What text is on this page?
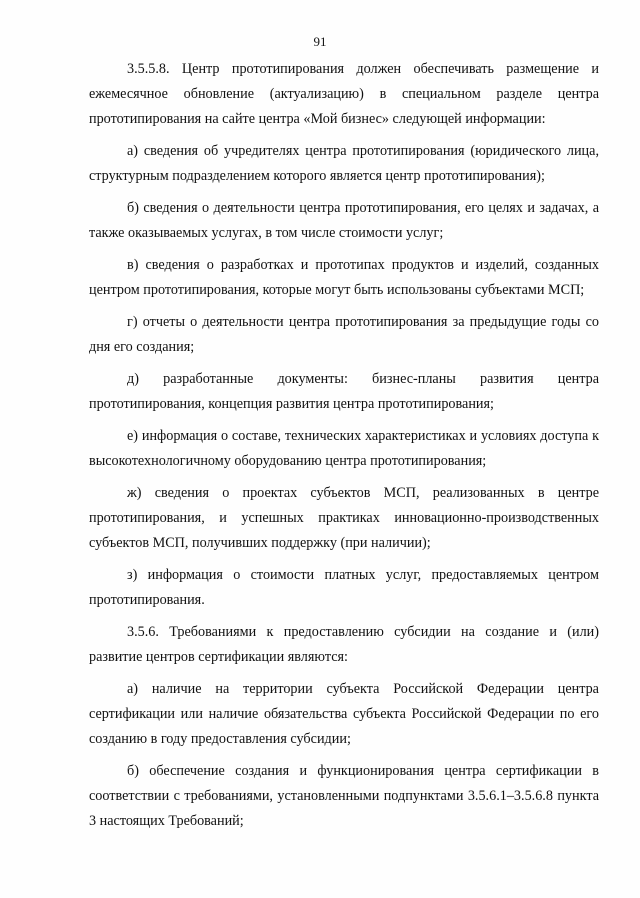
91

3.5.5.8. Центр прототипирования должен обеспечивать размещение и ежемесячное обновление (актуализацию) в специальном разделе центра прототипирования на сайте центра «Мой бизнес» следующей информации:

а) сведения об учредителях центра прототипирования (юридического лица, структурным подразделением которого является центр прототипирования);

б) сведения о деятельности центра прототипирования, его целях и задачах, а также оказываемых услугах, в том числе стоимости услуг;

в) сведения о разработках и прототипах продуктов и изделий, созданных центром прототипирования, которые могут быть использованы субъектами МСП;

г) отчеты о деятельности центра прототипирования за предыдущие годы со дня его создания;

д) разработанные документы: бизнес-планы развития центра прототипирования, концепция развития центра прототипирования;

е) информация о составе, технических характеристиках и условиях доступа к высокотехнологичному оборудованию центра прототипирования;

ж) сведения о проектах субъектов МСП, реализованных в центре прототипирования, и успешных практиках инновационно-производственных субъектов МСП, получивших поддержку (при наличии);

з) информация о стоимости платных услуг, предоставляемых центром прототипирования.

3.5.6. Требованиями к предоставлению субсидии на создание и (или) развитие центров сертификации являются:

а) наличие на территории субъекта Российской Федерации центра сертификации или наличие обязательства субъекта Российской Федерации по его созданию в году предоставления субсидии;

б) обеспечение создания и функционирования центра сертификации в соответствии с требованиями, установленными подпунктами 3.5.6.1–3.5.6.8 пункта 3 настоящих Требований;
